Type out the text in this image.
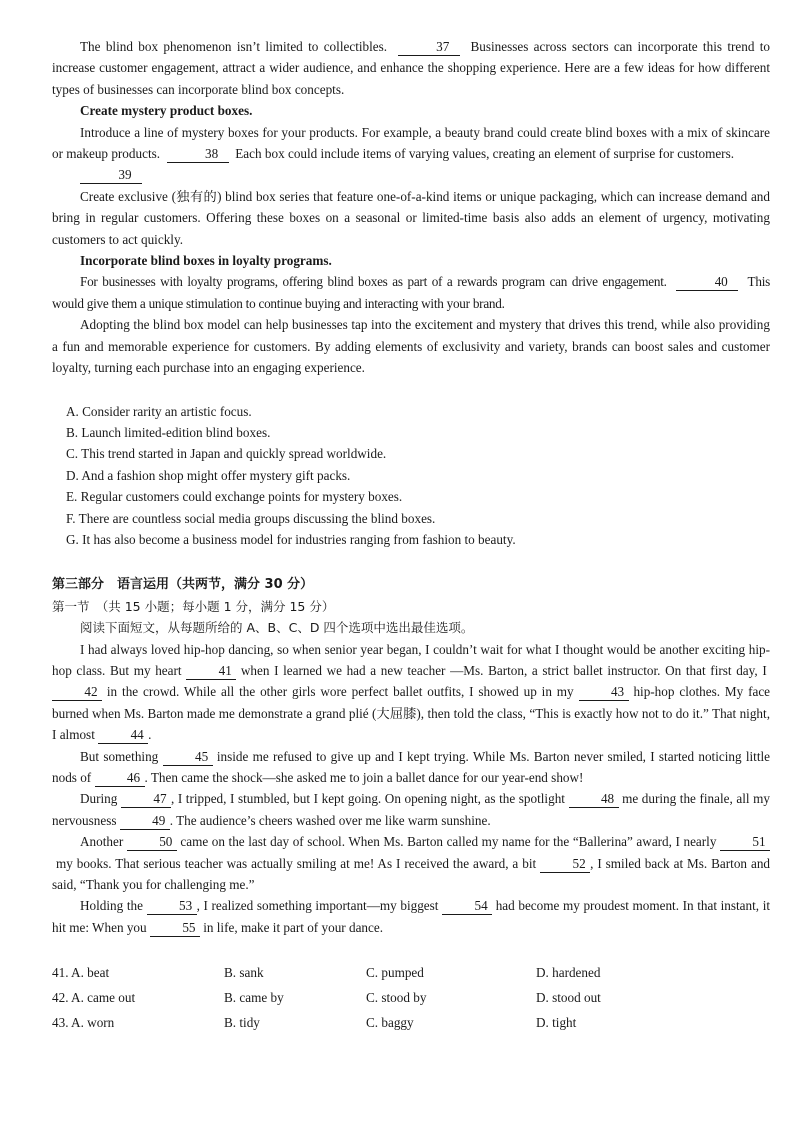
The blind box phenomenon isn’t limited to collectibles.	37 Businesses across sectors can incorporate this trend to increase customer engagement, attract a wider audience, and enhance the shopping experience. Here are a few ideas for how different types of businesses can incorporate blind box concepts.

Create mystery product boxes.

Introduce a line of mystery boxes for your products. For example, a beauty brand could create blind boxes with a mix of skincare or makeup products.	38 Each box could include items of varying values, creating an element of surprise for customers.

39

Create exclusive (独有的) blind box series that feature one-of-a-kind items or unique packaging, which can increase demand and bring in regular customers. Offering these boxes on a seasonal or limited-time basis also adds an element of urgency, motivating customers to act quickly.

Incorporate blind boxes in loyalty programs.

For businesses with loyalty programs, offering blind boxes as part of a rewards program can drive engagement.	40 This would give them a unique stimulation to continue buying and interacting with your brand.

Adopting the blind box model can help businesses tap into the excitement and mystery that drives this trend, while also providing a fun and memorable experience for customers. By adding elements of exclusivity and variety, brands can boost sales and customer loyalty, turning each purchase into an engaging experience.

A. Consider rarity an artistic focus.

B. Launch limited-edition blind boxes.

C. This trend started in Japan and quickly spread worldwide.

D. And a fashion shop might offer mystery gift packs.

E. Regular customers could exchange points for mystery boxes.

F. There are countless social media groups discussing the blind boxes.

G. It has also become a business model for industries ranging from fashion to beauty.

第三部分　语言运用（共两节，满分 30 分）

第一节　（共 15 小题；每小题 1 分，满分 15 分）

阅读下面短文，从每题所给的 A、B、C、D 四个选项中选出最佳选项。

I had always loved hip-hop dancing, so when senior year began, I couldn’t wait for what I thought would be another exciting hip-hop class. But my heart	41 when I learned we had a new teacher —Ms. Barton, a strict ballet instructor. On that first day, I 42 in the crowd. While all the other girls wore perfect ballet outfits, I showed up in my	43 hip-hop clothes. My face burned when Ms. Barton made me demonstrate a grand plié (大屈膝), then told the class, “This is exactly how not to do it.” That night, I almost	44 .

But something	45 inside me refused to give up and I kept trying. While Ms. Barton never smiled, I started noticing little nods of	46 . Then came the shock—she asked me to join a ballet dance for our year-end show!

During	47 , I tripped, I stumbled, but I kept going. On opening night, as the spotlight	48 me during the finale, all my nervousness	49 . The audience’s cheers washed over me like warm sunshine.

Another	50 came on the last day of school. When Ms. Barton called my name for the “Ballerina” award, I nearly	51 my books. That serious teacher was actually smiling at me! As I received the award, a bit	52 , I smiled back at Ms. Barton and said, “Thank you for challenging me.”

Holding the	53 , I realized something important—my biggest	54 had become my proudest moment. In that instant, it hit me: When you	55 in life, make it part of your dance.

41. A. beat	B. sank	C. pumped	D. hardened
42. A. came out	B. came by	C. stood by	D. stood out
43. A. worn	B. tidy	C. baggy	D. tight
